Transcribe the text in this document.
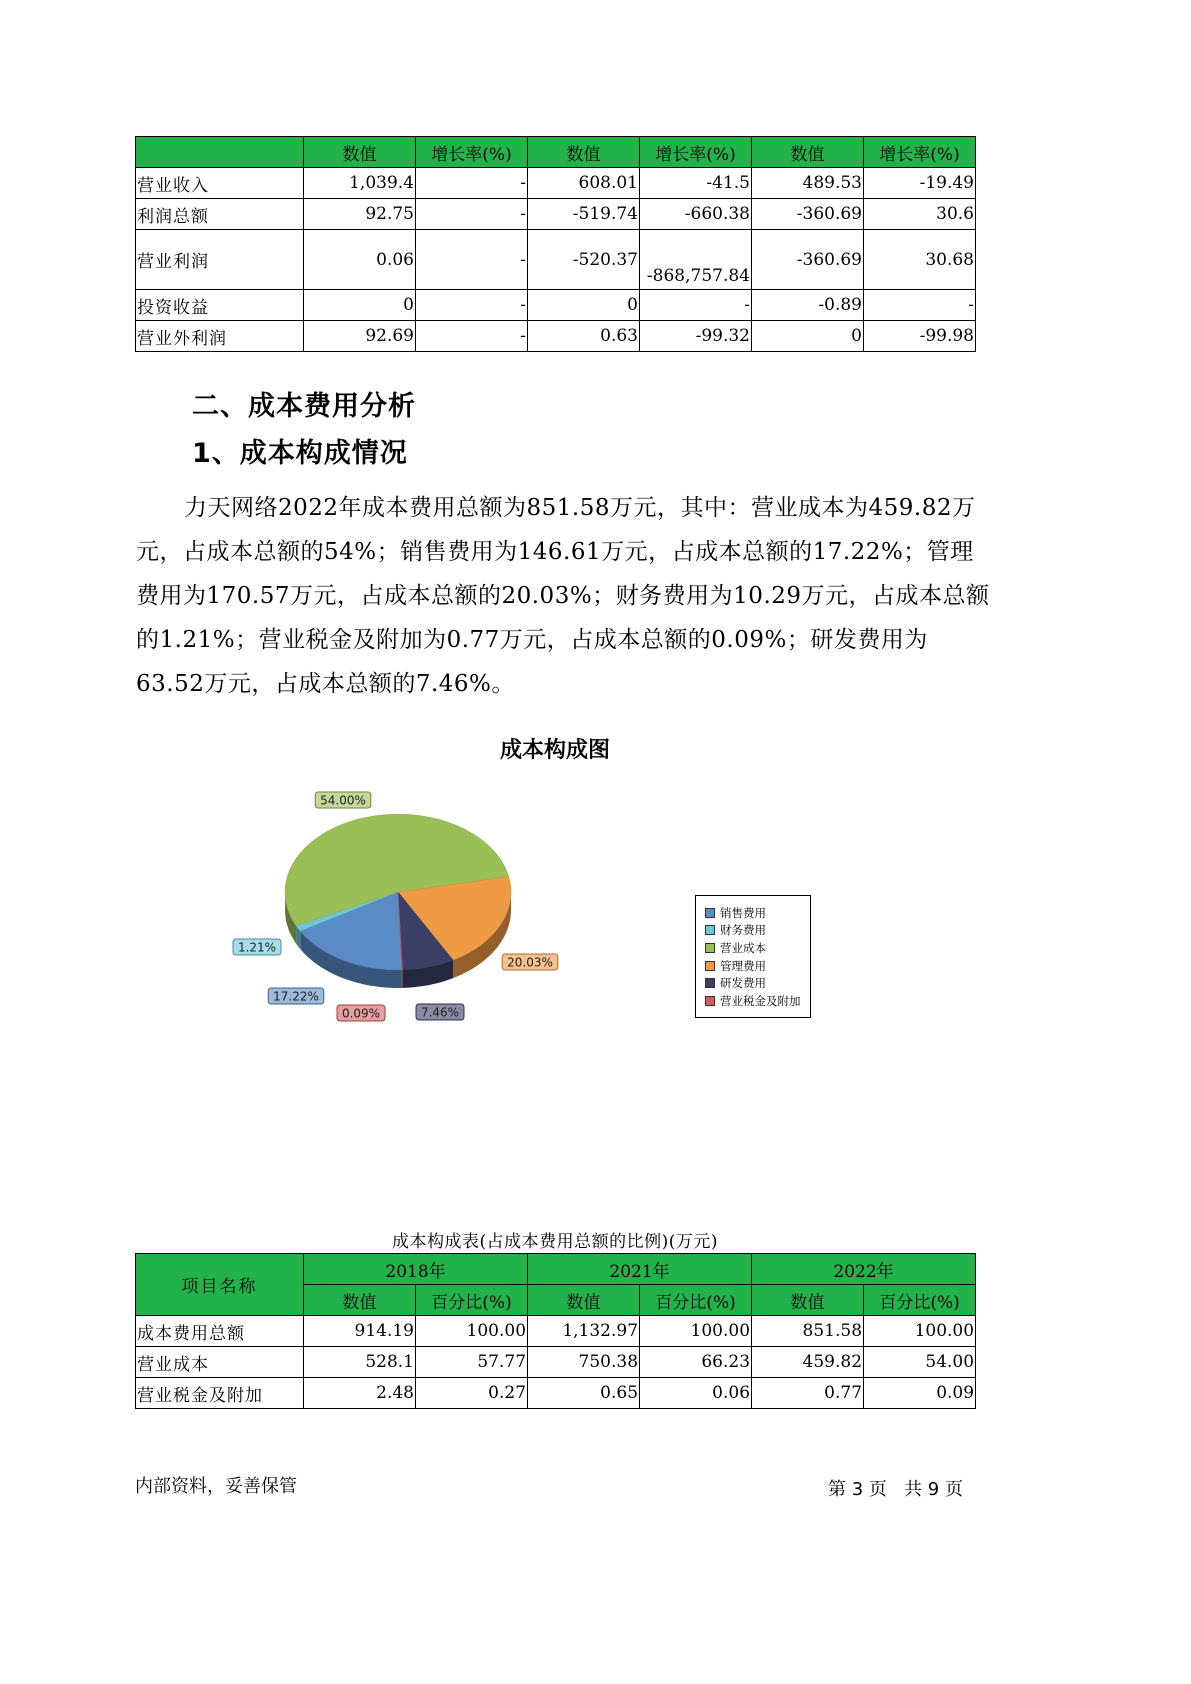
	数值	增长率(%)	数值	增长率(%)	数值	增长率(%)
营业收入	1,039.4	-	608.01	-41.5	489.53	-19.49
利润总额	92.75	-	-519.74	-660.38	-360.69	30.6
营业利润	0.06	-	-520.37	-868,757.84	-360.69	30.68
投资收益	0	-	0	-	-0.89	-
营业外利润	92.69	-	0.63	-99.32	0	-99.98
二、成本费用分析
1、成本构成情况
力天网络2022年成本费用总额为851.58万元，其中：营业成本为459.82万元，占成本总额的54%；销售费用为146.61万元，占成本总额的17.22%；管理费用为170.57万元，占成本总额的20.03%；财务费用为10.29万元，占成本总额的1.21%；营业税金及附加为0.77万元，占成本总额的0.09%；研发费用为63.52万元，占成本总额的7.46%。
成本构成图
17.22%
1.21%
54.00%
20.03%
7.46%
0.09%
销售费用
财务费用
营业成本
管理费用
研发费用
营业税金及附加
成本构成表(占成本费用总额的比例)(万元)
项目名称	2018年		2021年		2022年	
	数值	百分比(%)	数值	百分比(%)	数值	百分比(%)
成本费用总额	914.19	100.00	1,132.97	100.00	851.58	100.00
营业成本	528.1	57.77	750.38	66.23	459.82	54.00
营业税金及附加	2.48	0.27	0.65	0.06	0.77	0.09
内部资料，妥善保管	第 3 页   共 9 页
